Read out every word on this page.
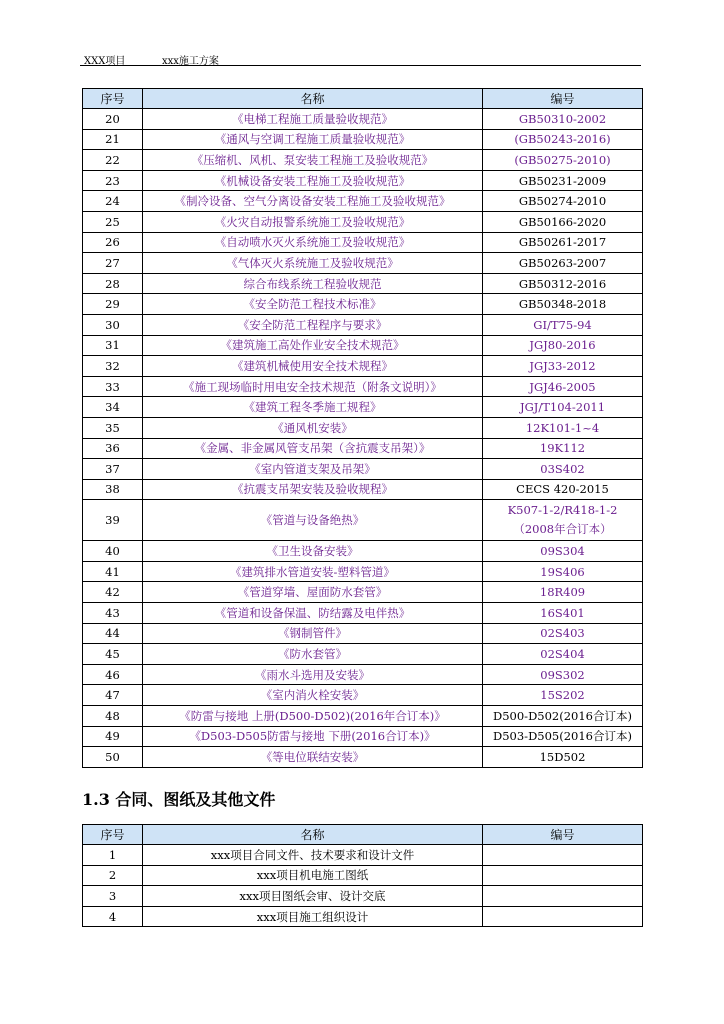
XXX项目	xxx施工方案
序号	名称	编号
20	《电梯工程施工质量验收规范》	GB50310-2002
21	《通风与空调工程施工质量验收规范》	(GB50243-2016)
22	《压缩机、风机、泵安装工程施工及验收规范》	(GB50275-2010)
23	《机械设备安装工程施工及验收规范》	GB50231-2009
24	《制冷设备、空气分离设备安装工程施工及验收规范》	GB50274-2010
25	《火灾自动报警系统施工及验收规范》	GB50166-2020
26	《自动喷水灭火系统施工及验收规范》	GB50261-2017
27	《气体灭火系统施工及验收规范》	GB50263-2007
28	综合布线系统工程验收规范	GB50312-2016
29	《安全防范工程技术标准》	GB50348-2018
30	《安全防范工程程序与要求》	GI/T75-94
31	《建筑施工高处作业安全技术规范》	JGJ80-2016
32	《建筑机械使用安全技术规程》	JGJ33-2012
33	《施工现场临时用电安全技术规范（附条文说明）》	JGJ46-2005
34	《建筑工程冬季施工规程》	JGJ/T104-2011
35	《通风机安装》	12K101-1~4
36	《金属、非金属风管支吊架（含抗震支吊架）》	19K112
37	《室内管道支架及吊架》	03S402
38	《抗震支吊架安装及验收规程》	CECS 420-2015
39	《管道与设备绝热》	K507-1-2/R418-1-2
（2008年合订本）

40	《卫生设备安装》	09S304
41	《建筑排水管道安装-塑料管道》	19S406
42	《管道穿墙、屋面防水套管》	18R409
43	《管道和设备保温、防结露及电伴热》	16S401
44	《钢制管件》	02S403
45	《防水套管》	02S404
46	《雨水斗选用及安装》	09S302
47	《室内消火栓安装》	15S202
48	《防雷与接地 上册(D500-D502)(2016年合订本)》	D500-D502(2016合订本)
49	《D503-D505防雷与接地 下册(2016合订本)》	D503-D505(2016合订本)
50	《等电位联结安装》	15D502
1.3 合同、图纸及其他文件
序号	名称	编号
1	xxx项目合同文件、技术要求和设计文件	
2	xxx项目机电施工图纸	
3	xxx项目图纸会审、设计交底	
4	xxx项目施工组织设计	
